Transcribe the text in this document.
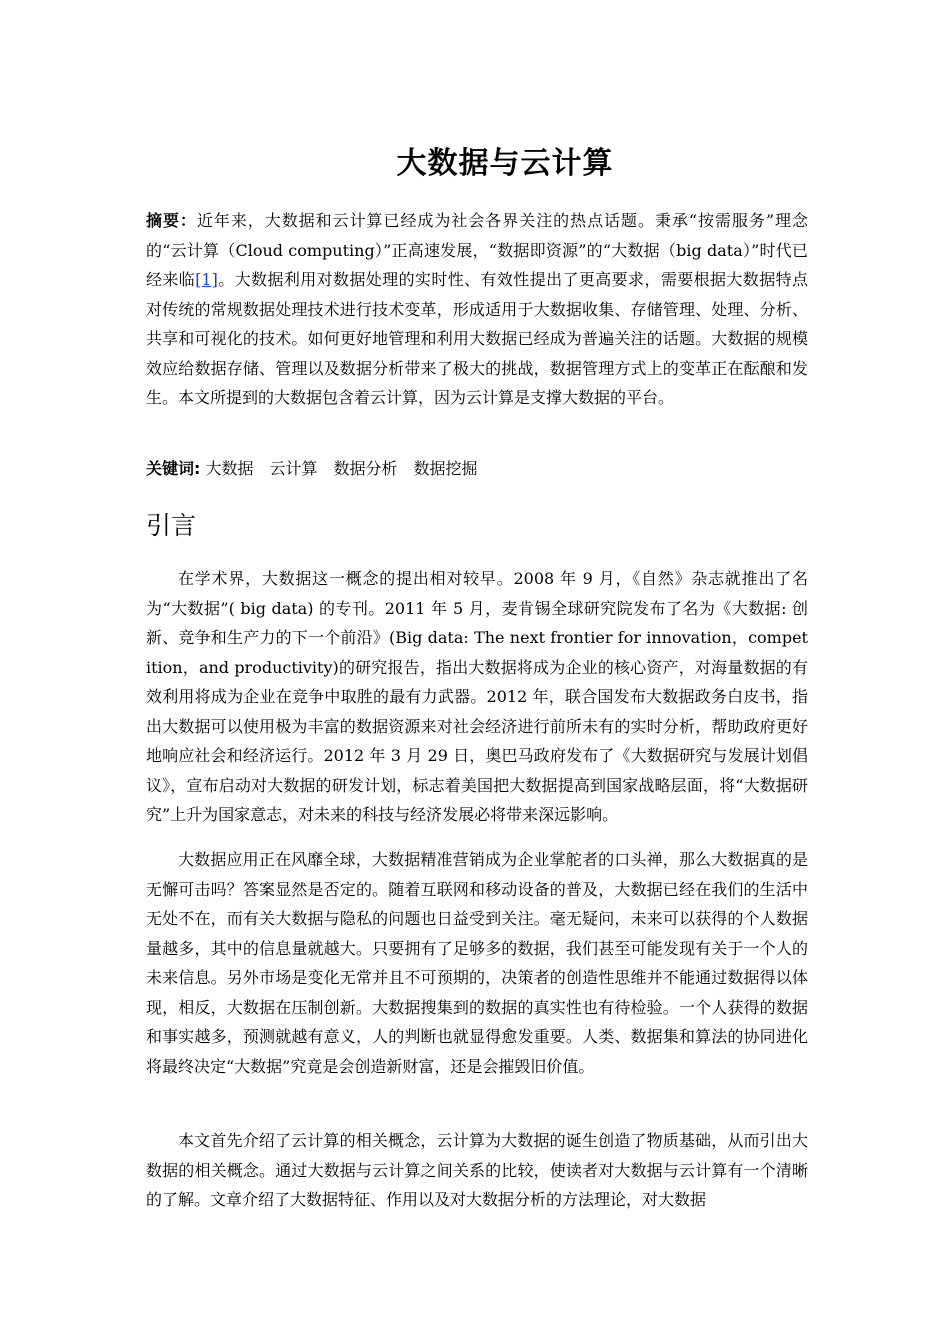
大数据与云计算

摘要：近年来，大数据和云计算已经成为社会各界关注的热点话题。秉承“按需服务”理念的“云计算（Cloud computing）”正高速发展，“数据即资源”的“大数据（big data）”时代已经来临[1]。大数据利用对数据处理的实时性、有效性提出了更高要求，需要根据大数据特点对传统的常规数据处理技术进行技术变革，形成适用于大数据收集、存储管理、处理、分析、共享和可视化的技术。如何更好地管理和利用大数据已经成为普遍关注的话题。大数据的规模效应给数据存储、管理以及数据分析带来了极大的挑战，数据管理方式上的变革正在酝酿和发生。本文所提到的大数据包含着云计算，因为云计算是支撑大数据的平台。

关键词: 大数据 云计算 数据分析 数据挖掘

引言

在学术界，大数据这一概念的提出相对较早。2008 年 9 月，《自然》杂志就推出了名为“大数据”( big data) 的专刊。2011 年 5 月，麦肯锡全球研究院发布了名为《大数据: 创新、竞争和生产力的下一个前沿》(Big data: The next frontier for innovation，competition，and productivity)的研究报告，指出大数据将成为企业的核心资产，对海量数据的有效利用将成为企业在竞争中取胜的最有力武器。2012 年，联合国发布大数据政务白皮书，指出大数据可以使用极为丰富的数据资源来对社会经济进行前所未有的实时分析，帮助政府更好地响应社会和经济运行。2012 年 3 月 29 日，奥巴马政府发布了《大数据研究与发展计划倡议》，宣布启动对大数据的研发计划，标志着美国把大数据提高到国家战略层面，将“大数据研究”上升为国家意志，对未来的科技与经济发展必将带来深远影响。

大数据应用正在风靡全球，大数据精准营销成为企业掌舵者的口头禅，那么大数据真的是无懈可击吗？答案显然是否定的。随着互联网和移动设备的普及，大数据已经在我们的生活中无处不在，而有关大数据与隐私的问题也日益受到关注。毫无疑问，未来可以获得的个人数据量越多，其中的信息量就越大。只要拥有了足够多的数据，我们甚至可能发现有关于一个人的未来信息。另外市场是变化无常并且不可预期的，决策者的创造性思维并不能通过数据得以体现，相反，大数据在压制创新。大数据搜集到的数据的真实性也有待检验。一个人获得的数据和事实越多，预测就越有意义，人的判断也就显得愈发重要。人类、数据集和算法的协同进化将最终决定“大数据”究竟是会创造新财富，还是会摧毁旧价值。

本文首先介绍了云计算的相关概念，云计算为大数据的诞生创造了物质基础，从而引出大数据的相关概念。通过大数据与云计算之间关系的比较，使读者对大数据与云计算有一个清晰的了解。文章介绍了大数据特征、作用以及对大数据分析的方法理论，对大数据
